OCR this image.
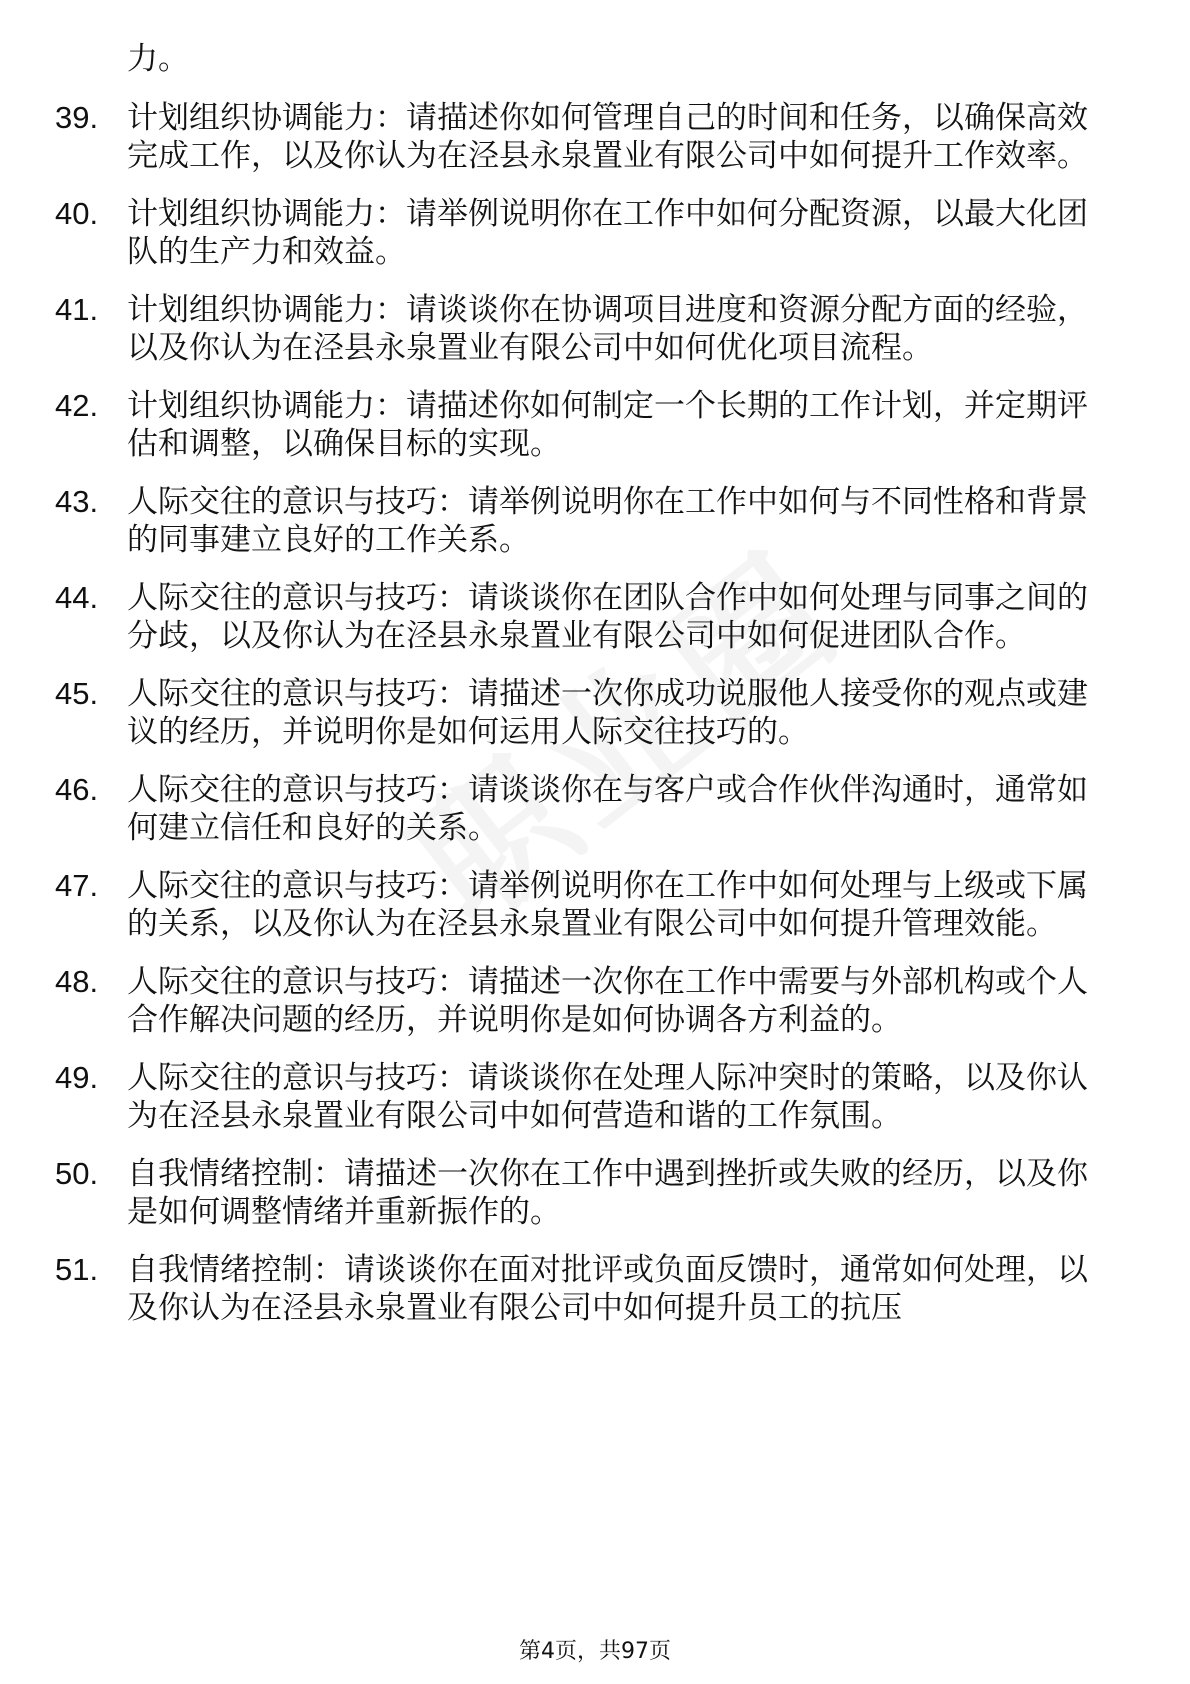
力。
39. 计划组织协调能力：请描述你如何管理自己的时间和任务，以确保高效完成工作，以及你认为在泾县永泉置业有限公司中如何提升工作效率。
40. 计划组织协调能力：请举例说明你在工作中如何分配资源，以最大化团队的生产力和效益。
41. 计划组织协调能力：请谈谈你在协调项目进度和资源分配方面的经验，以及你认为在泾县永泉置业有限公司中如何优化项目流程。
42. 计划组织协调能力：请描述你如何制定一个长期的工作计划，并定期评估和调整，以确保目标的实现。
43. 人际交往的意识与技巧：请举例说明你在工作中如何与不同性格和背景的同事建立良好的工作关系。
44. 人际交往的意识与技巧：请谈谈你在团队合作中如何处理与同事之间的分歧，以及你认为在泾县永泉置业有限公司中如何促进团队合作。
45. 人际交往的意识与技巧：请描述一次你成功说服他人接受你的观点或建议的经历，并说明你是如何运用人际交往技巧的。
46. 人际交往的意识与技巧：请谈谈你在与客户或合作伙伴沟通时，通常如何建立信任和良好的关系。
47. 人际交往的意识与技巧：请举例说明你在工作中如何处理与上级或下属的关系，以及你认为在泾县永泉置业有限公司中如何提升管理效能。
48. 人际交往的意识与技巧：请描述一次你在工作中需要与外部机构或个人合作解决问题的经历，并说明你是如何协调各方利益的。
49. 人际交往的意识与技巧：请谈谈你在处理人际冲突时的策略，以及你认为在泾县永泉置业有限公司中如何营造和谐的工作氛围。
50. 自我情绪控制：请描述一次你在工作中遇到挫折或失败的经历，以及你是如何调整情绪并重新振作的。
51. 自我情绪控制：请谈谈你在面对批评或负面反馈时，通常如何处理，以及你认为在泾县永泉置业有限公司中如何提升员工的抗压
第4页，共97页
